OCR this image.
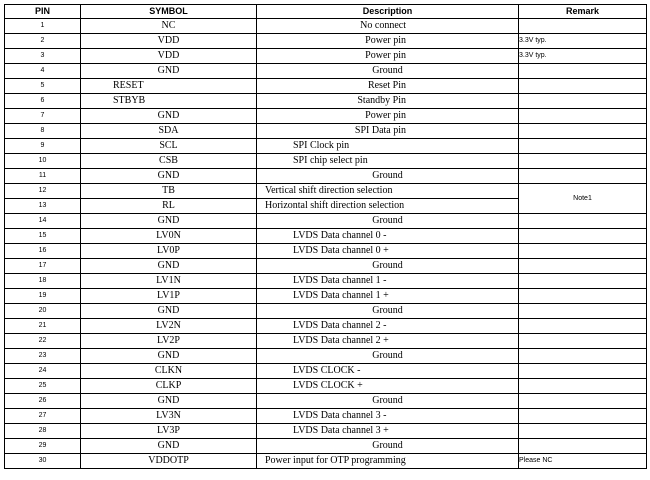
PIN	SYMBOL	Description	Remark
1	NC	No connect	
2	VDD	Power pin	3.3V typ.
3	VDD	Power pin	3.3V typ.
4	GND	Ground	
5	RESET	Reset Pin	
6	STBYB	Standby Pin	
7	GND	Power pin	
8	SDA	SPI Data pin	
9	SCL	SPI Clock pin	
10	CSB	SPI chip select pin	
11	GND	Ground	
12	TB	Vertical shift direction selection	Note1
13	RL	Horizontal shift direction selection	
14	GND	Ground	
15	LV0N	LVDS Data channel 0 -	
16	LV0P	LVDS Data channel 0 +	
17	GND	Ground	
18	LV1N	LVDS Data channel 1 -	
19	LV1P	LVDS Data channel 1 +	
20	GND	Ground	
21	LV2N	LVDS Data channel 2 -	
22	LV2P	LVDS Data channel 2 +	
23	GND	Ground	
24	CLKN	LVDS CLOCK -	
25	CLKP	LVDS CLOCK +	
26	GND	Ground	
27	LV3N	LVDS Data channel 3 -	
28	LV3P	LVDS Data channel 3 +	
29	GND	Ground	
30	VDDOTP	Power input for OTP programming	Please NC
